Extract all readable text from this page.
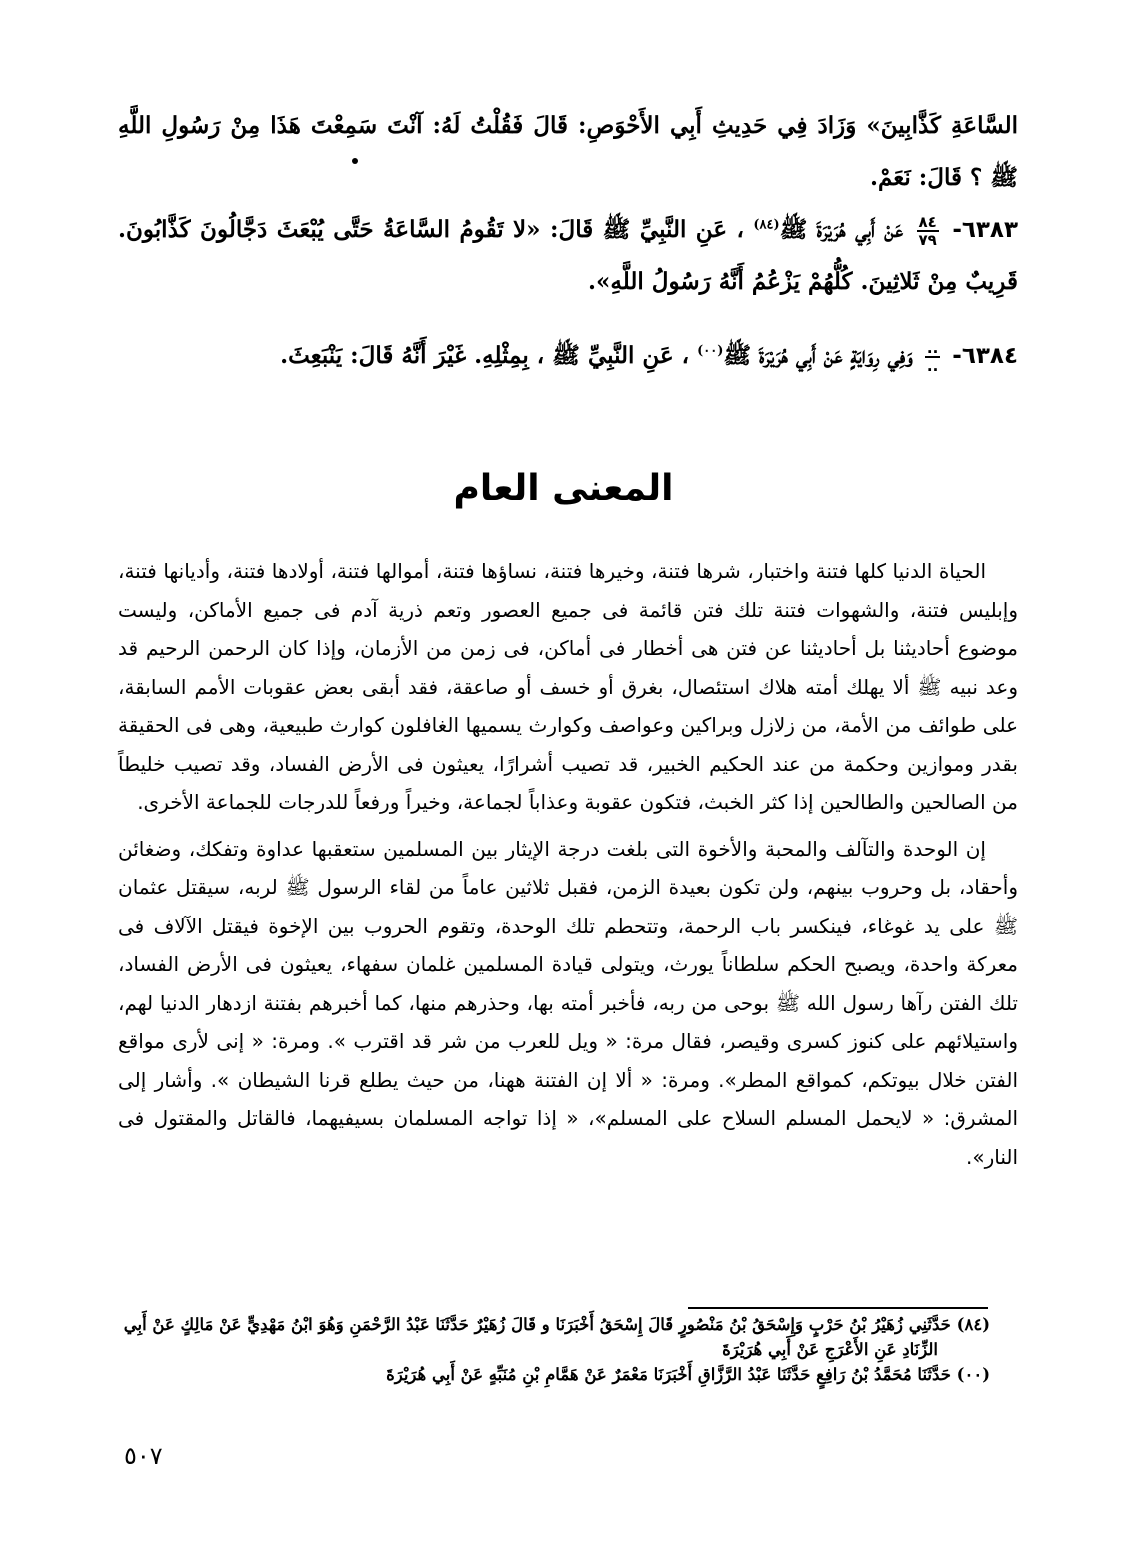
السَّاعَةِ كَذَّابِينَ» وَزَادَ فِي حَدِيثِ أَبِي الأَحْوَصِ: قَالَ فَقُلْتُ لَهُ: آنْتَ سَمِعْتَ هَذَا مِنْ رَسُولِ اللَّهِ ﷺ ؟ قَالَ: نَعَمْ.
٦٣٨٣-
$\frac{٨٤}{٧٩}$
عَنْ أَبِي هُرَيْرَةَ ﷺ$^{(٨٤)}$ ، عَنِ النَّبِيِّ ﷺ قَالَ: «لا تَقُومُ السَّاعَةُ حَتَّى يُبْعَثَ دَجَّالُونَ كَذَّابُونَ. قَرِيبٌ مِنْ ثَلاثِينَ. كُلُّهُمْ يَزْعُمُ أَنَّهُ رَسُولُ اللَّهِ».
٦٣٨٤-
$\frac{..}{..}$
وَفِي رِوَايَةٍ عَنْ أَبِي هُرَيْرَةَ ﷺ$^{(٠٠)}$ ، عَنِ النَّبِيِّ ﷺ ، بِمِثْلِهِ. غَيْرَ أَنَّهُ قَالَ: يَنْبَعِثَ.
المعنى العام

الحياة الدنيا كلها فتنة واختبار، شرها فتنة، وخيرها فتنة، نساؤها فتنة، أموالها فتنة، أولادها فتنة، وأديانها فتنة، وإبليس فتنة، والشهوات فتنة تلك فتن قائمة فى جميع العصور وتعم ذرية آدم فى جميع الأماكن، وليست موضوع أحاديثنا بل أحاديثنا عن فتن هى أخطار فى أماكن، فى زمن من الأزمان، وإذا كان الرحمن الرحيم قد وعد نبيه ﷺ ألا يهلك أمته هلاك استئصال، بغرق أو خسف أو صاعقة، فقد أبقى بعض عقوبات الأمم السابقة، على طوائف من الأمة، من زلازل وبراكين وعواصف وكوارث يسميها الغافلون كوارث طبيعية، وهى فى الحقيقة بقدر وموازين وحكمة من عند الحكيم الخبير، قد تصيب أشرارًا، يعيثون فى الأرض الفساد، وقد تصيب خليطاً من الصالحين والطالحين إذا كثر الخبث، فتكون عقوبة وعذاباً لجماعة، وخيراً ورفعاً للدرجات للجماعة الأخرى.

إن الوحدة والتآلف والمحبة والأخوة التى بلغت درجة الإيثار بين المسلمين ستعقبها عداوة وتفكك، وضغائن وأحقاد، بل وحروب بينهم، ولن تكون بعيدة الزمن، فقبل ثلاثين عاماً من لقاء الرسول ﷺ لربه، سيقتل عثمان ﷺ على يد غوغاء، فينكسر باب الرحمة، وتتحطم تلك الوحدة، وتقوم الحروب بين الإخوة فيقتل الآلاف فى معركة واحدة، ويصبح الحكم سلطاناً يورث، ويتولى قيادة المسلمين غلمان سفهاء، يعيثون فى الأرض الفساد، تلك الفتن رآها رسول الله ﷺ بوحى من ربه، فأخبر أمته بها، وحذرهم منها، كما أخبرهم بفتنة ازدهار الدنيا لهم، واستيلائهم على كنوز كسرى وقيصر، فقال مرة: « ويل للعرب من شر قد اقترب ». ومرة: « إنى لأرى مواقع الفتن خلال بيوتكم، كمواقع المطر». ومرة: « ألا إن الفتنة ههنا، من حيث يطلع قرنا الشيطان ». وأشار إلى المشرق: « لايحمل المسلم السلاح على المسلم»، « إذا تواجه المسلمان بسيفيهما، فالقاتل والمقتول فى النار».

(٨٤) حَدَّثَنِي زُهَيْرُ بْنُ حَرْبٍ وَإِسْحَقُ بْنُ مَنْصُورٍ قَالَ إِسْحَقُ أَخْبَرَنَا و قَالَ زُهَيْرٌ حَدَّثَنَا عَبْدُ الرَّحْمَنِ وَهُوَ ابْنُ مَهْدِيٍّ عَنْ مَالِكٍ عَنْ أَبِي الزِّنَادِ عَنِ الأَعْرَجِ عَنْ أَبِي هُرَيْرَةَ

(٠٠) حَدَّثَنَا مُحَمَّدُ بْنُ رَافِعٍ حَدَّثَنَا عَبْدُ الرَّزَّاقِ أَخْبَرَنَا مَعْمَرٌ عَنْ هَمَّامِ بْنِ مُنَبِّهٍ عَنْ أَبِي هُرَيْرَةَ

٥٠٧
